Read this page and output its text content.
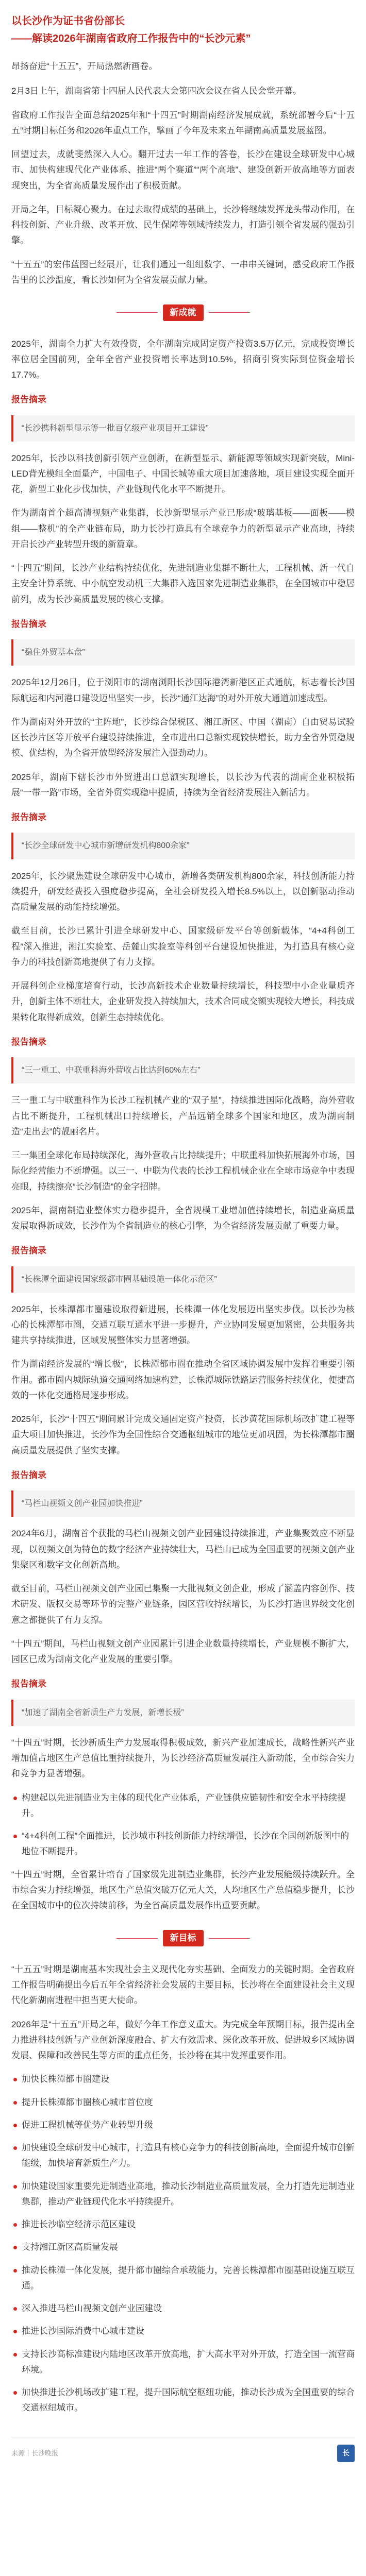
以长沙作为证书省份部长
——解读2026年湖南省政府工作报告中的“长沙元素”

昂扬奋进“十五五”，开局热燃新画卷。

2月3日上午，湖南省第十四届人民代表大会第四次会议在省人民会堂开幕。

省政府工作报告全面总结2025年和“十四五”时期湖南经济发展成就，系统部署今后“十五五”时期目标任务和2026年重点工作，擘画了今年及未来五年湖南高质量发展蓝图。

回望过去，成就斐然深入人心。翻开过去一年工作的答卷，长沙在建设全球研发中心城市、加快构建现代化产业体系、推进“两个赛道”“两个高地”、建设创新开放高地等方面表现突出，为全省高质量发展作出了积极贡献。

开局之年，目标凝心聚力。在过去取得成绩的基础上，长沙将继续发挥龙头带动作用，在科技创新、产业升级、改革开放、民生保障等领域持续发力，打造引领全省发展的强劲引擎。

“十五五”的宏伟蓝图已经展开，让我们通过一组组数字、一串串关键词，感受政府工作报告里的长沙温度，看长沙如何为全省发展贡献力量。

新成就

2025年，湖南全力扩大有效投资，全年湖南完成固定资产投资3.5万亿元，完成投资增长率位居全国前列，全年全省产业投资增长率达到10.5%，招商引资实际到位资金增长17.7%。

报告摘录
“长沙携科新型显示等一批百亿级产业项目开工建设”

2025年，长沙以科技创新引领产业创新，在新型显示、新能源等领域实现新突破，Mini-LED背光模组全面量产，中国电子、中国长城等重大项目加速落地，项目建设实现全面开花，新型工业化步伐加快，产业链现代化水平不断提升。

作为湖南首个超高清视频产业集群，长沙新型显示产业已形成“玻璃基板——面板——模组——整机”的全产业链布局，助力长沙打造具有全球竞争力的新型显示产业高地，持续开启长沙产业转型升级的新篇章。

“十四五”期间，长沙产业结构持续优化，先进制造业集群不断壮大，工程机械、新一代自主安全计算系统、中小航空发动机三大集群入选国家先进制造业集群，在全国城市中稳居前列，成为长沙高质量发展的核心支撑。

报告摘录
“稳住外贸基本盘”

2025年12月26日，位于浏阳市的湖南浏阳长沙国际港湾新港区正式通航，标志着长沙国际航运和内河港口建设迈出坚实一步，长沙“通江达海”的对外开放大通道加速成型。

作为湖南对外开放的“主阵地”，长沙综合保税区、湘江新区、中国（湖南）自由贸易试验区长沙片区等开放平台建设持续推进，全市进出口总额实现较快增长，助力全省外贸稳规模、优结构，为全省开放型经济发展注入强劲动力。

2025年，湖南下辖长沙市外贸进出口总额实现增长，以长沙为代表的湖南企业积极拓展“一带一路”市场，全省外贸实现稳中提质，持续为全省经济发展注入新活力。

报告摘录
“长沙全球研发中心城市新增研发机构800余家”

2025年，长沙聚焦建设全球研发中心城市，新增各类研发机构800余家，科技创新能力持续提升，研发经费投入强度稳步提高，全社会研发投入增长8.5%以上，以创新驱动推动高质量发展的动能持续增强。

截至目前，长沙已累计引进全球研发中心、国家级研发平台等创新载体，“4+4科创工程”深入推进，湘江实验室、岳麓山实验室等科创平台建设加快推进，为打造具有核心竞争力的科技创新高地提供了有力支撑。

开展科创企业梯度培育行动，长沙高新技术企业数量持续增长，科技型中小企业量质齐升，创新主体不断壮大，企业研发投入持续加大，技术合同成交额实现较大增长，科技成果转化取得新成效，创新生态持续优化。

报告摘录
“三一重工、中联重科海外营收占比达到60%左右”

三一重工与中联重科作为长沙工程机械产业的“双子星”，持续推进国际化战略，海外营收占比不断提升，工程机械出口持续增长，产品远销全球多个国家和地区，成为湖南制造“走出去”的靓丽名片。

三一集团全球化布局持续深化，海外营收占比持续提升；中联重科加快拓展海外市场，国际化经营能力不断增强。以三一、中联为代表的长沙工程机械企业在全球市场竞争中表现亮眼，持续擦亮“长沙制造”的金字招牌。

2025年，湖南制造业整体实力稳步提升，全省规模工业增加值持续增长，制造业高质量发展取得新成效，长沙作为全省制造业的核心引擎，为全省经济发展贡献了重要力量。

报告摘录
“长株潭全面建设国家级都市圈基础设施一体化示范区”

2025年，长株潭都市圈建设取得新进展，长株潭一体化发展迈出坚实步伐。以长沙为核心的长株潭都市圈，交通互联互通水平进一步提升，产业协同发展更加紧密，公共服务共建共享持续推进，区域发展整体实力显著增强。

作为湖南经济发展的“增长极”，长株潭都市圈在推动全省区域协调发展中发挥着重要引领作用。都市圈内城际轨道交通网络加速构建，长株潭城际铁路运营服务持续优化，便捷高效的一体化交通格局逐步形成。

2025年，长沙“十四五”期间累计完成交通固定资产投资，长沙黄花国际机场改扩建工程等重大项目加快推进，长沙作为全国性综合交通枢纽城市的地位更加巩固，为长株潭都市圈高质量发展提供了坚实支撑。

报告摘录
“马栏山视频文创产业园加快推进”

2024年6月，湖南首个获批的马栏山视频文创产业园建设持续推进，产业集聚效应不断显现，以视频文创为特色的数字经济产业持续壮大，马栏山已成为全国重要的视频文创产业集聚区和数字文化创新高地。

截至目前，马栏山视频文创产业园已集聚一大批视频文创企业，形成了涵盖内容创作、技术研发、版权交易等环节的完整产业链条，园区营收持续增长，为长沙打造世界级文化创意之都提供了有力支撑。

“十四五”期间，马栏山视频文创产业园累计引进企业数量持续增长，产业规模不断扩大，园区已成为湖南文化产业发展的重要引擎。

报告摘录
“加速了湖南全省新质生产力发展，新增长极”

“十四五”时期，长沙新质生产力发展取得积极成效，新兴产业加速成长，战略性新兴产业增加值占地区生产总值比重持续提升，为长沙经济高质量发展注入新动能，全市综合实力和竞争力显著增强。

构建起以先进制造业为主体的现代化产业体系，产业链供应链韧性和安全水平持续提升。
“4+4科创工程”全面推进，长沙城市科技创新能力持续增强，长沙在全国创新版图中的地位不断提升。

“十四五”时期，全省累计培育了国家级先进制造业集群，长沙产业发展能级持续跃升。全市综合实力持续增强，地区生产总值突破万亿元大关，人均地区生产总值稳步提升，长沙在全国城市中的位次持续前移，为全省高质量发展作出重要贡献。

新目标

“十五五”时期是湖南基本实现社会主义现代化夯实基础、全面发力的关键时期。全省政府工作报告明确提出今后五年全省经济社会发展的主要目标，长沙将在全面建设社会主义现代化新湖南进程中担当更大使命。

2026年是“十五五”开局之年，做好今年工作意义重大。为完成全年预期目标，报告提出全力推进科技创新与产业创新深度融合、扩大有效需求、深化改革开放、促进城乡区域协调发展、保障和改善民生等方面的重点任务，长沙将在其中发挥重要作用。

加快长株潭都市圈建设
提升长株潭都市圈核心城市首位度
促进工程机械等优势产业转型升级
加快建设全球研发中心城市，打造具有核心竞争力的科技创新高地，全面提升城市创新能级，加快培育新质生产力。
加快建设国家重要先进制造业高地，推动长沙制造业高质量发展，全力打造先进制造业集群，推动产业链现代化水平持续提升。
推进长沙临空经济示范区建设
支持湘江新区高质量发展
推动长株潭一体化发展，提升都市圈综合承载能力，完善长株潭都市圈基础设施互联互通。
深入推进马栏山视频文创产业园建设
推进长沙国际消费中心城市建设
支持长沙高标准建设内陆地区改革开放高地，扩大高水平对外开放，打造全国一流营商环境。
加快推进长沙机场改扩建工程，提升国际航空枢纽功能，推动长沙成为全国重要的综合交通枢纽城市。
来源丨长沙晚报	长
